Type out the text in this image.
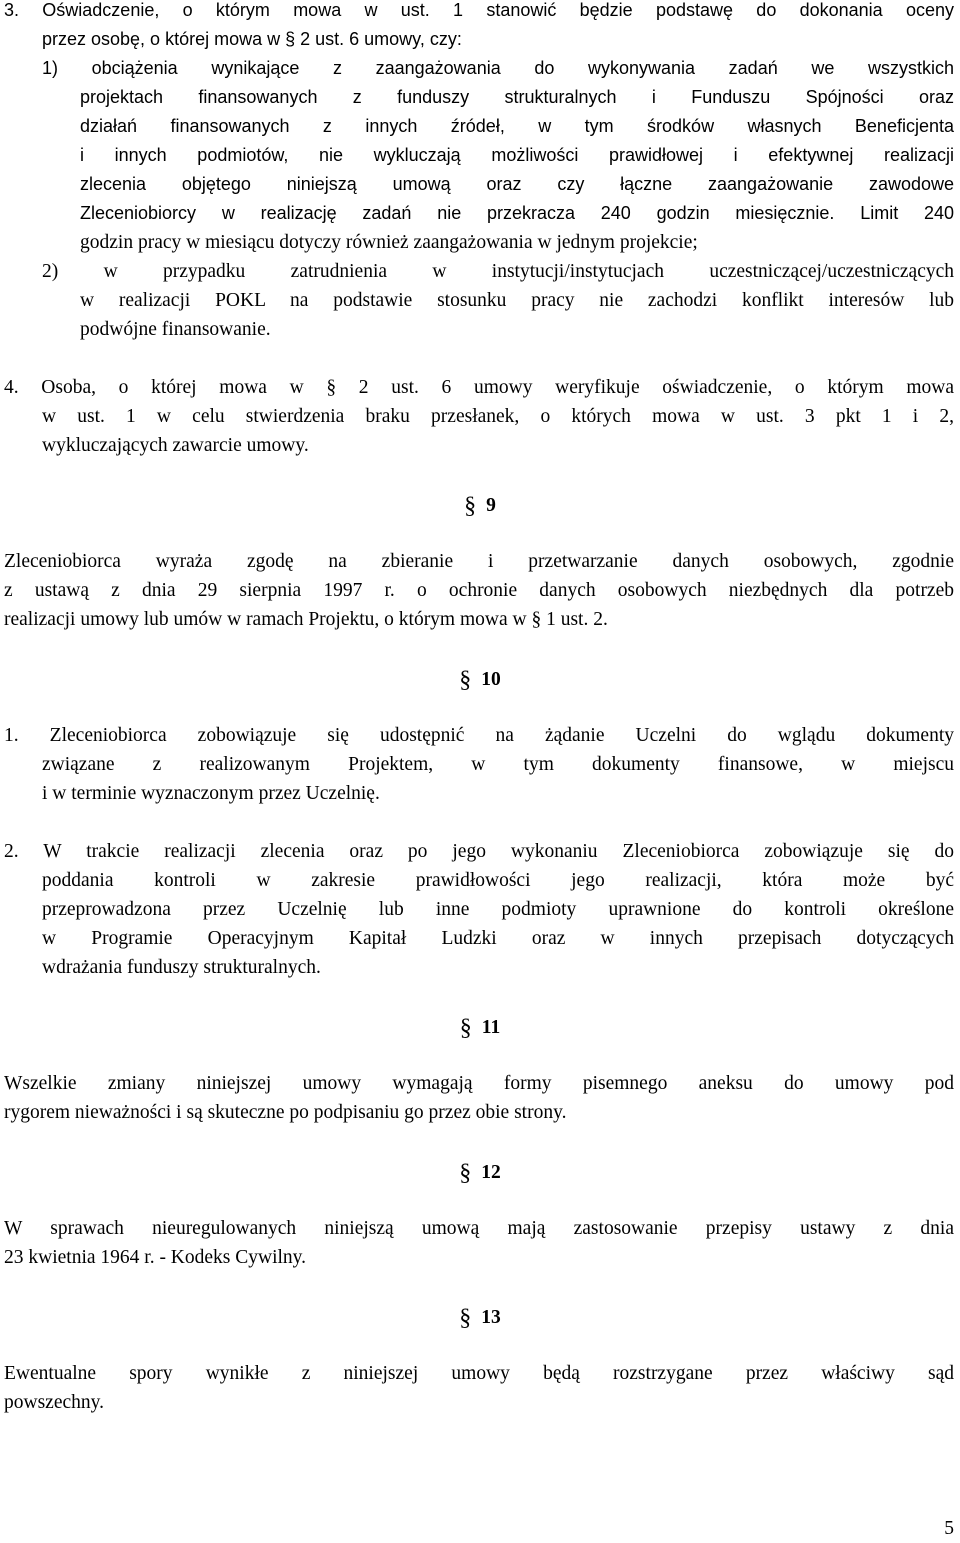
3. Oświadczenie, o którym mowa w ust. 1 stanowić będzie podstawę do dokonania oceny
przez osobę, o której mowa w § 2 ust. 6 umowy, czy:
1) obciążenia wynikające z zaangażowania do wykonywania zadań we wszystkich
projektach finansowanych z funduszy strukturalnych i Funduszu Spójności oraz
działań finansowanych z innych źródeł, w tym środków własnych Beneficjenta
i innych podmiotów, nie wykluczają możliwości prawidłowej i efektywnej realizacji
zlecenia objętego niniejszą umową oraz czy łączne zaangażowanie zawodowe
Zleceniobiorcy w realizację zadań nie przekracza 240 godzin miesięcznie. Limit 240
godzin pracy w miesiącu dotyczy również zaangażowania w jednym projekcie;
2) w przypadku zatrudnienia w instytucji/instytucjach uczestniczącej/uczestniczących
w realizacji POKL na podstawie stosunku pracy nie zachodzi konflikt interesów lub
podwójne finansowanie.
4. Osoba, o której mowa w § 2 ust. 6 umowy weryfikuje oświadczenie, o którym mowa
w ust. 1 w celu stwierdzenia braku przesłanek, o których mowa w ust. 3 pkt 1 i 2,
wykluczających zawarcie umowy.
§ 9
Zleceniobiorca wyraża zgodę na zbieranie i przetwarzanie danych osobowych, zgodnie
z ustawą z dnia 29 sierpnia 1997 r. o ochronie danych osobowych niezbędnych dla potrzeb
realizacji umowy lub umów w ramach Projektu, o którym mowa w § 1 ust. 2.
§ 10
1. Zleceniobiorca zobowiązuje się udostępnić na żądanie Uczelni do wglądu dokumenty
związane z realizowanym Projektem, w tym dokumenty finansowe, w miejscu
i w terminie wyznaczonym przez Uczelnię.
2. W trakcie realizacji zlecenia oraz po jego wykonaniu Zleceniobiorca zobowiązuje się do
poddania kontroli w zakresie prawidłowości jego realizacji, która może być
przeprowadzona przez Uczelnię lub inne podmioty uprawnione do kontroli określone
w Programie Operacyjnym Kapitał Ludzki oraz w innych przepisach dotyczących
wdrażania funduszy strukturalnych.
§ 11
Wszelkie zmiany niniejszej umowy wymagają formy pisemnego aneksu do umowy pod
rygorem nieważności i są skuteczne po podpisaniu go przez obie strony.
§ 12
W sprawach nieuregulowanych niniejszą umową mają zastosowanie przepisy ustawy z dnia
23 kwietnia 1964 r. - Kodeks Cywilny.
§ 13
Ewentualne spory wynikłe z niniejszej umowy będą rozstrzygane przez właściwy sąd
powszechny.
5
